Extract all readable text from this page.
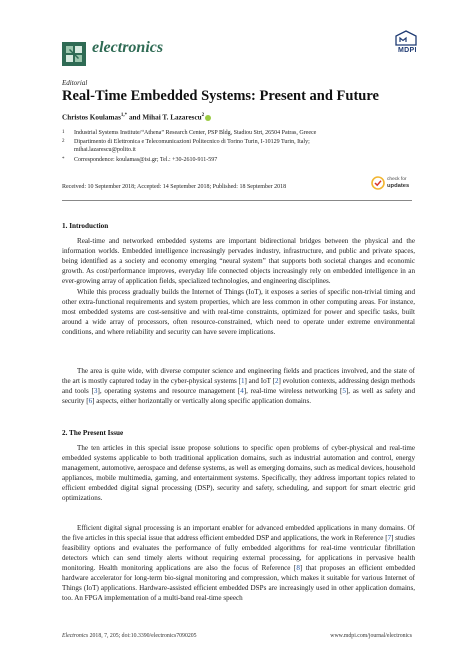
electronics	MDPI
Editorial
Real-Time Embedded Systems: Present and Future
Christos Koulamas$^{1,*}$ and Mihai T. Lazarescu$^2$
1 Industrial Systems Institute/“Athena” Research Center, PSP Bldg, Stadiou Strt, 26504 Patras, Greece
2 Dipartimento di Elettronica e Telecomunicazioni Politecnico di Torino Turin, I-10129 Turin, Italy;
mihai.lazarescu@polito.it
* Correspondence: koulamas@isi.gr; Tel.: +30-2610-911-597
Received: 10 September 2018; Accepted: 14 September 2018; Published: 18 September 2018
check for
updates
1. Introduction

Real-time and networked embedded systems are important bidirectional bridges between the physical and the information worlds. Embedded intelligence increasingly pervades industry, infrastructure, and public and private spaces, being identified as a society and economy emerging “neural system” that supports both societal changes and economic growth. As cost/performance improves, everyday life connected objects increasingly rely on embedded intelligence in an ever-growing array of application fields, specialized technologies, and engineering disciplines.

While this process gradually builds the Internet of Things (IoT), it exposes a series of specific non-trivial timing and other extra-functional requirements and system properties, which are less common in other computing areas. For instance, most embedded systems are cost-sensitive and with real-time constraints, optimized for power and specific tasks, built around a wide array of processors, often resource-constrained, which need to operate under extreme environmental conditions, and where reliability and security can have severe implications.

The area is quite wide, with diverse computer science and engineering fields and practices involved, and the state of the art is mostly captured today in the cyber-physical systems [1] and IoT [2] evolution contexts, addressing design methods and tools [3], operating systems and resource management [4], real-time wireless networking [5], as well as safety and security [6] aspects, either horizontally or vertically along specific application domains.

2. The Present Issue

The ten articles in this special issue propose solutions to specific open problems of cyber-physical and real-time embedded systems applicable to both traditional application domains, such as industrial automation and control, energy management, automotive, aerospace and defense systems, as well as emerging domains, such as medical devices, household appliances, mobile multimedia, gaming, and entertainment systems. Specifically, they address important topics related to efficient embedded digital signal processing (DSP), security and safety, scheduling, and support for smart electric grid optimizations.

Efficient digital signal processing is an important enabler for advanced embedded applications in many domains. Of the five articles in this special issue that address efficient embedded DSP and applications, the work in Reference [7] studies feasibility options and evaluates the performance of fully embedded algorithms for real-time ventricular fibrillation detectors which can send timely alerts without requiring external processing, for applications in pervasive health monitoring. Health monitoring applications are also the focus of Reference [8] that proposes an efficient embedded hardware accelerator for long-term bio-signal monitoring and compression, which makes it suitable for various Internet of Things (IoT) applications. Hardware-assisted efficient embedded DSPs are increasingly used in other application domains, too. An FPGA implementation of a multi-band real-time speech

Electronics 2018, 7, 205; doi:10.3390/electronics7090205	www.mdpi.com/journal/electronics
